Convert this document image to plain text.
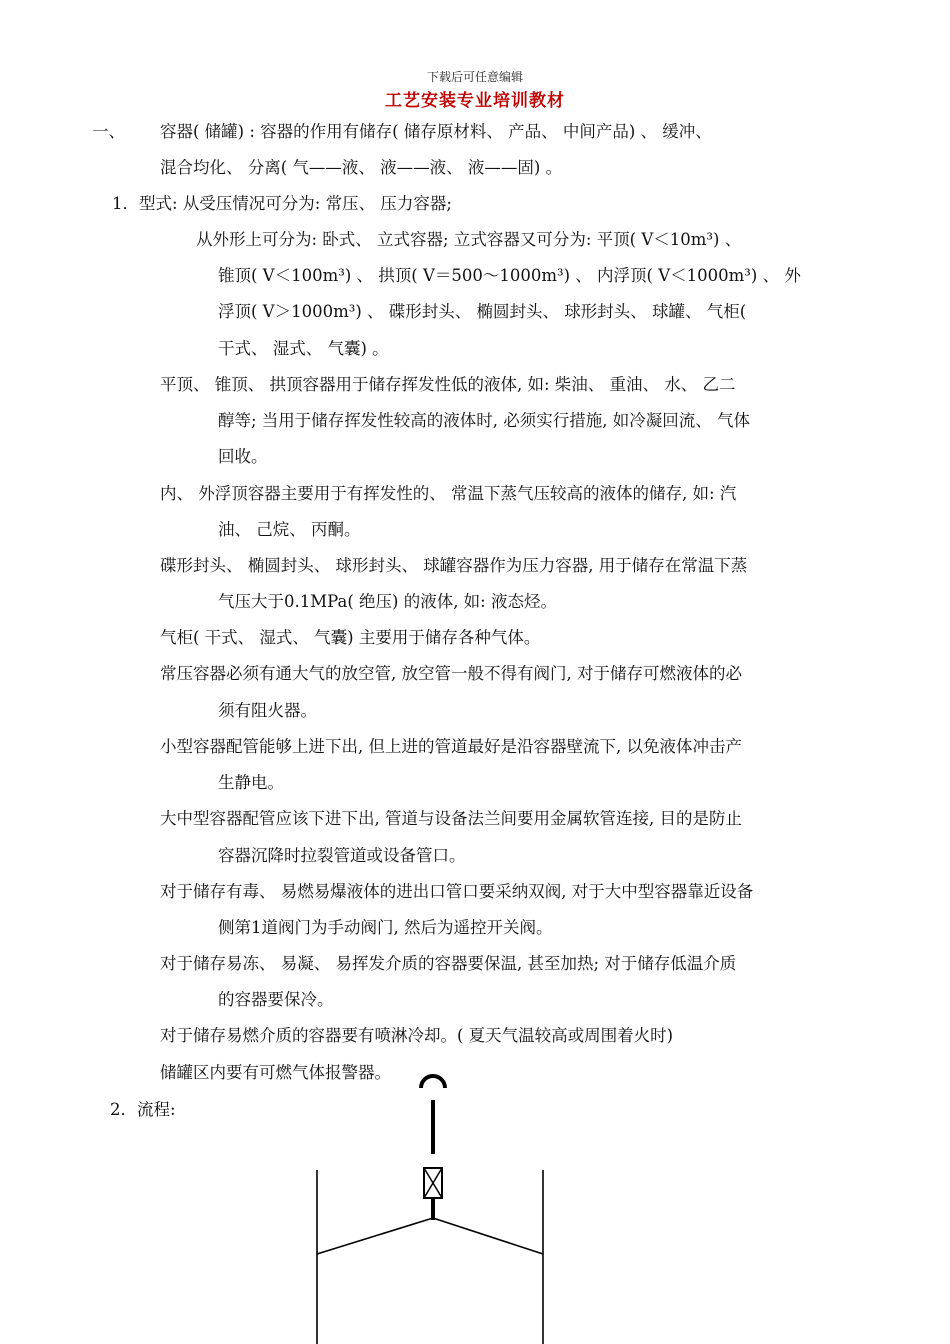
下载后可任意编辑
工艺安装专业培训教材
一、 容器( 储罐) : 容器的作用有储存( 储存原材料、 产品、 中间产品) 、 缓冲、
混合均化、 分离( 气——液、 液——液、 液——固) 。
1．型式: 从受压情况可分为: 常压、 压力容器;
从外形上可分为: 卧式、 立式容器; 立式容器又可分为: 平顶( V＜10m³) 、
锥顶( V＜100m³) 、 拱顶( V＝500～1000m³) 、 内浮顶( V＜1000m³) 、 外
浮顶( V＞1000m³) 、 碟形封头、 椭圆封头、 球形封头、 球罐、 气柜(
干式、 湿式、 气囊) 。
平顶、 锥顶、 拱顶容器用于储存挥发性低的液体, 如: 柴油、 重油、 水、 乙二
醇等; 当用于储存挥发性较高的液体时, 必须实行措施, 如冷凝回流、 气体
回收。
内、 外浮顶容器主要用于有挥发性的、 常温下蒸气压较高的液体的储存, 如: 汽
油、 己烷、 丙酮。
碟形封头、 椭圆封头、 球形封头、 球罐容器作为压力容器, 用于储存在常温下蒸
气压大于0.1MPa( 绝压) 的液体, 如: 液态烃。
气柜( 干式、 湿式、 气囊) 主要用于储存各种气体。
常压容器必须有通大气的放空管, 放空管一般不得有阀门, 对于储存可燃液体的必
须有阻火器。
小型容器配管能够上进下出, 但上进的管道最好是沿容器壁流下, 以免液体冲击产
生静电。
大中型容器配管应该下进下出, 管道与设备法兰间要用金属软管连接, 目的是防止
容器沉降时拉裂管道或设备管口。
对于储存有毒、 易燃易爆液体的进出口管口要采纳双阀, 对于大中型容器靠近设备
侧第1道阀门为手动阀门, 然后为遥控开关阀。
对于储存易冻、 易凝、 易挥发介质的容器要保温, 甚至加热; 对于储存低温介质
的容器要保冷。
对于储存易燃介质的容器要有喷淋冷却。( 夏天气温较高或周围着火时)
储罐区内要有可燃气体报警器。
2．流程:
